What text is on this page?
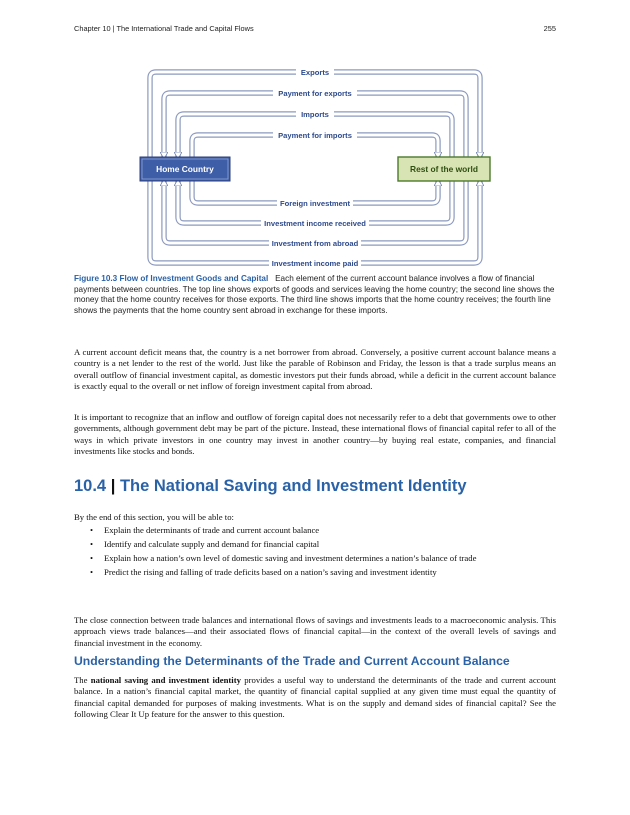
Chapter 10 | The International Trade and Capital Flows	255
Exports
Payment for exports
Imports
Payment for imports
Foreign investment
Investment income received
Investment from abroad
Investment income paid
Home Country	Rest of the world
Figure 10.3 Flow of Investment Goods and Capital Each element of the current account balance involves a flow of financial payments between countries. The top line shows exports of goods and services leaving the home country; the second line shows the money that the home country receives for those exports. The third line shows imports that the home country receives; the fourth line shows the payments that the home country sent abroad in exchange for these imports.

A current account deficit means that, the country is a net borrower from abroad. Conversely, a positive current account balance means a country is a net lender to the rest of the world. Just like the parable of Robinson and Friday, the lesson is that a trade surplus means an overall outflow of financial investment capital, as domestic investors put their funds abroad, while a deficit in the current account balance is exactly equal to the overall or net inflow of foreign investment capital from abroad.

It is important to recognize that an inflow and outflow of foreign capital does not necessarily refer to a debt that governments owe to other governments, although government debt may be part of the picture. Instead, these international flows of financial capital refer to all of the ways in which private investors in one country may invest in another country—by buying real estate, companies, and financial investments like stocks and bonds.

10.4 | The National Saving and Investment Identity

By the end of this section, you will be able to:

• Explain the determinants of trade and current account balance
• Identify and calculate supply and demand for financial capital
• Explain how a nation’s own level of domestic saving and investment determines a nation’s balance of trade
• Predict the rising and falling of trade deficits based on a nation’s saving and investment identity

The close connection between trade balances and international flows of savings and investments leads to a macroeconomic analysis. This approach views trade balances—and their associated flows of financial capital—in the context of the overall levels of savings and financial investment in the economy.

Understanding the Determinants of the Trade and Current Account Balance

The national saving and investment identity provides a useful way to understand the determinants of the trade and current account balance. In a nation’s financial capital market, the quantity of financial capital supplied at any given time must equal the quantity of financial capital demanded for purposes of making investments. What is on the supply and demand sides of financial capital? See the following Clear It Up feature for the answer to this question.
